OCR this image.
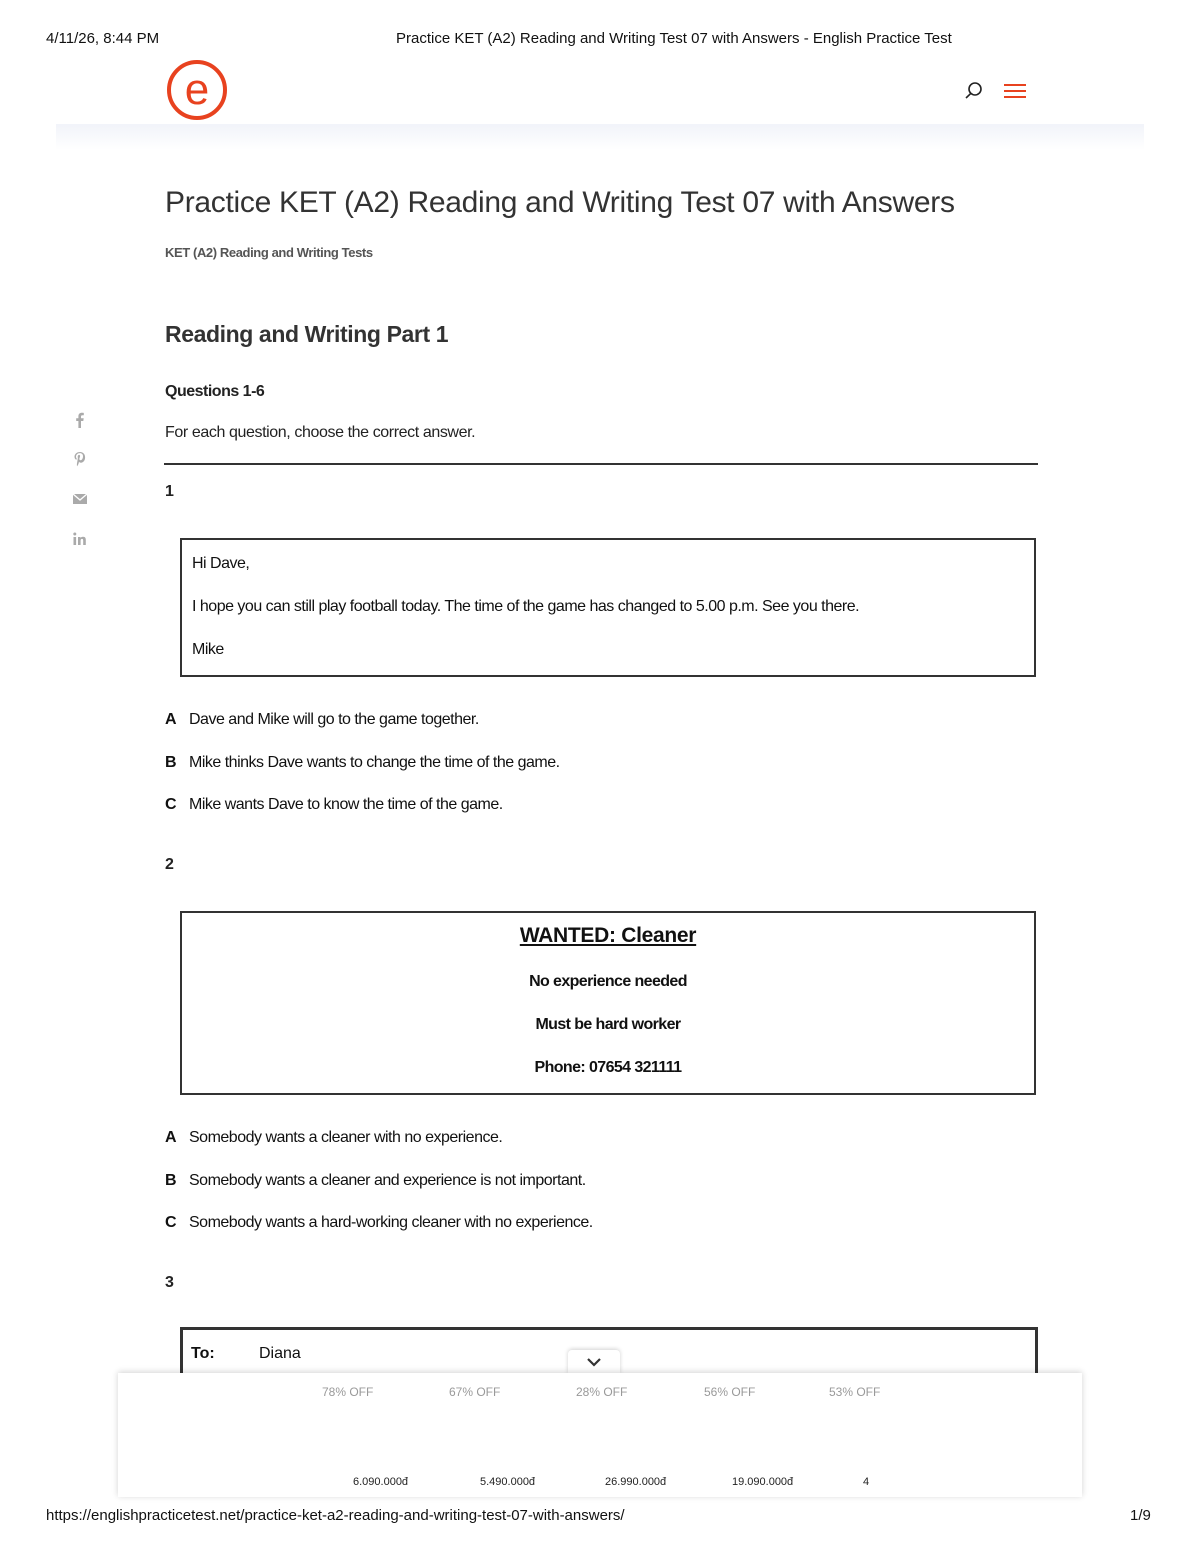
4/11/26, 8:44 PM	Practice KET (A2) Reading and Writing Test 07 with Answers - English Practice Test
e
Practice KET (A2) Reading and Writing Test 07 with Answers
KET (A2) Reading and Writing Tests
Reading and Writing Part 1
Questions 1-6
For each question, choose the correct answer.
1
Hi Dave,
I hope you can still play football today. The time of the game has changed to 5.00 p.m. See you there.
Mike
A Dave and Mike will go to the game together.
B Mike thinks Dave wants to change the time of the game.
C Mike wants Dave to know the time of the game.
2
WANTED: Cleaner
No experience needed
Must be hard worker
Phone: 07654 321111
A Somebody wants a cleaner with no experience.
B Somebody wants a cleaner and experience is not important.
C Somebody wants a hard-working cleaner with no experience.
3
To:	Diana
78% OFF	67% OFF	28% OFF	56% OFF	53% OFF
6.090.000đ	5.490.000đ	26.990.000đ	19.090.000đ	4
https://englishpracticetest.net/practice-ket-a2-reading-and-writing-test-07-with-answers/	1/9
